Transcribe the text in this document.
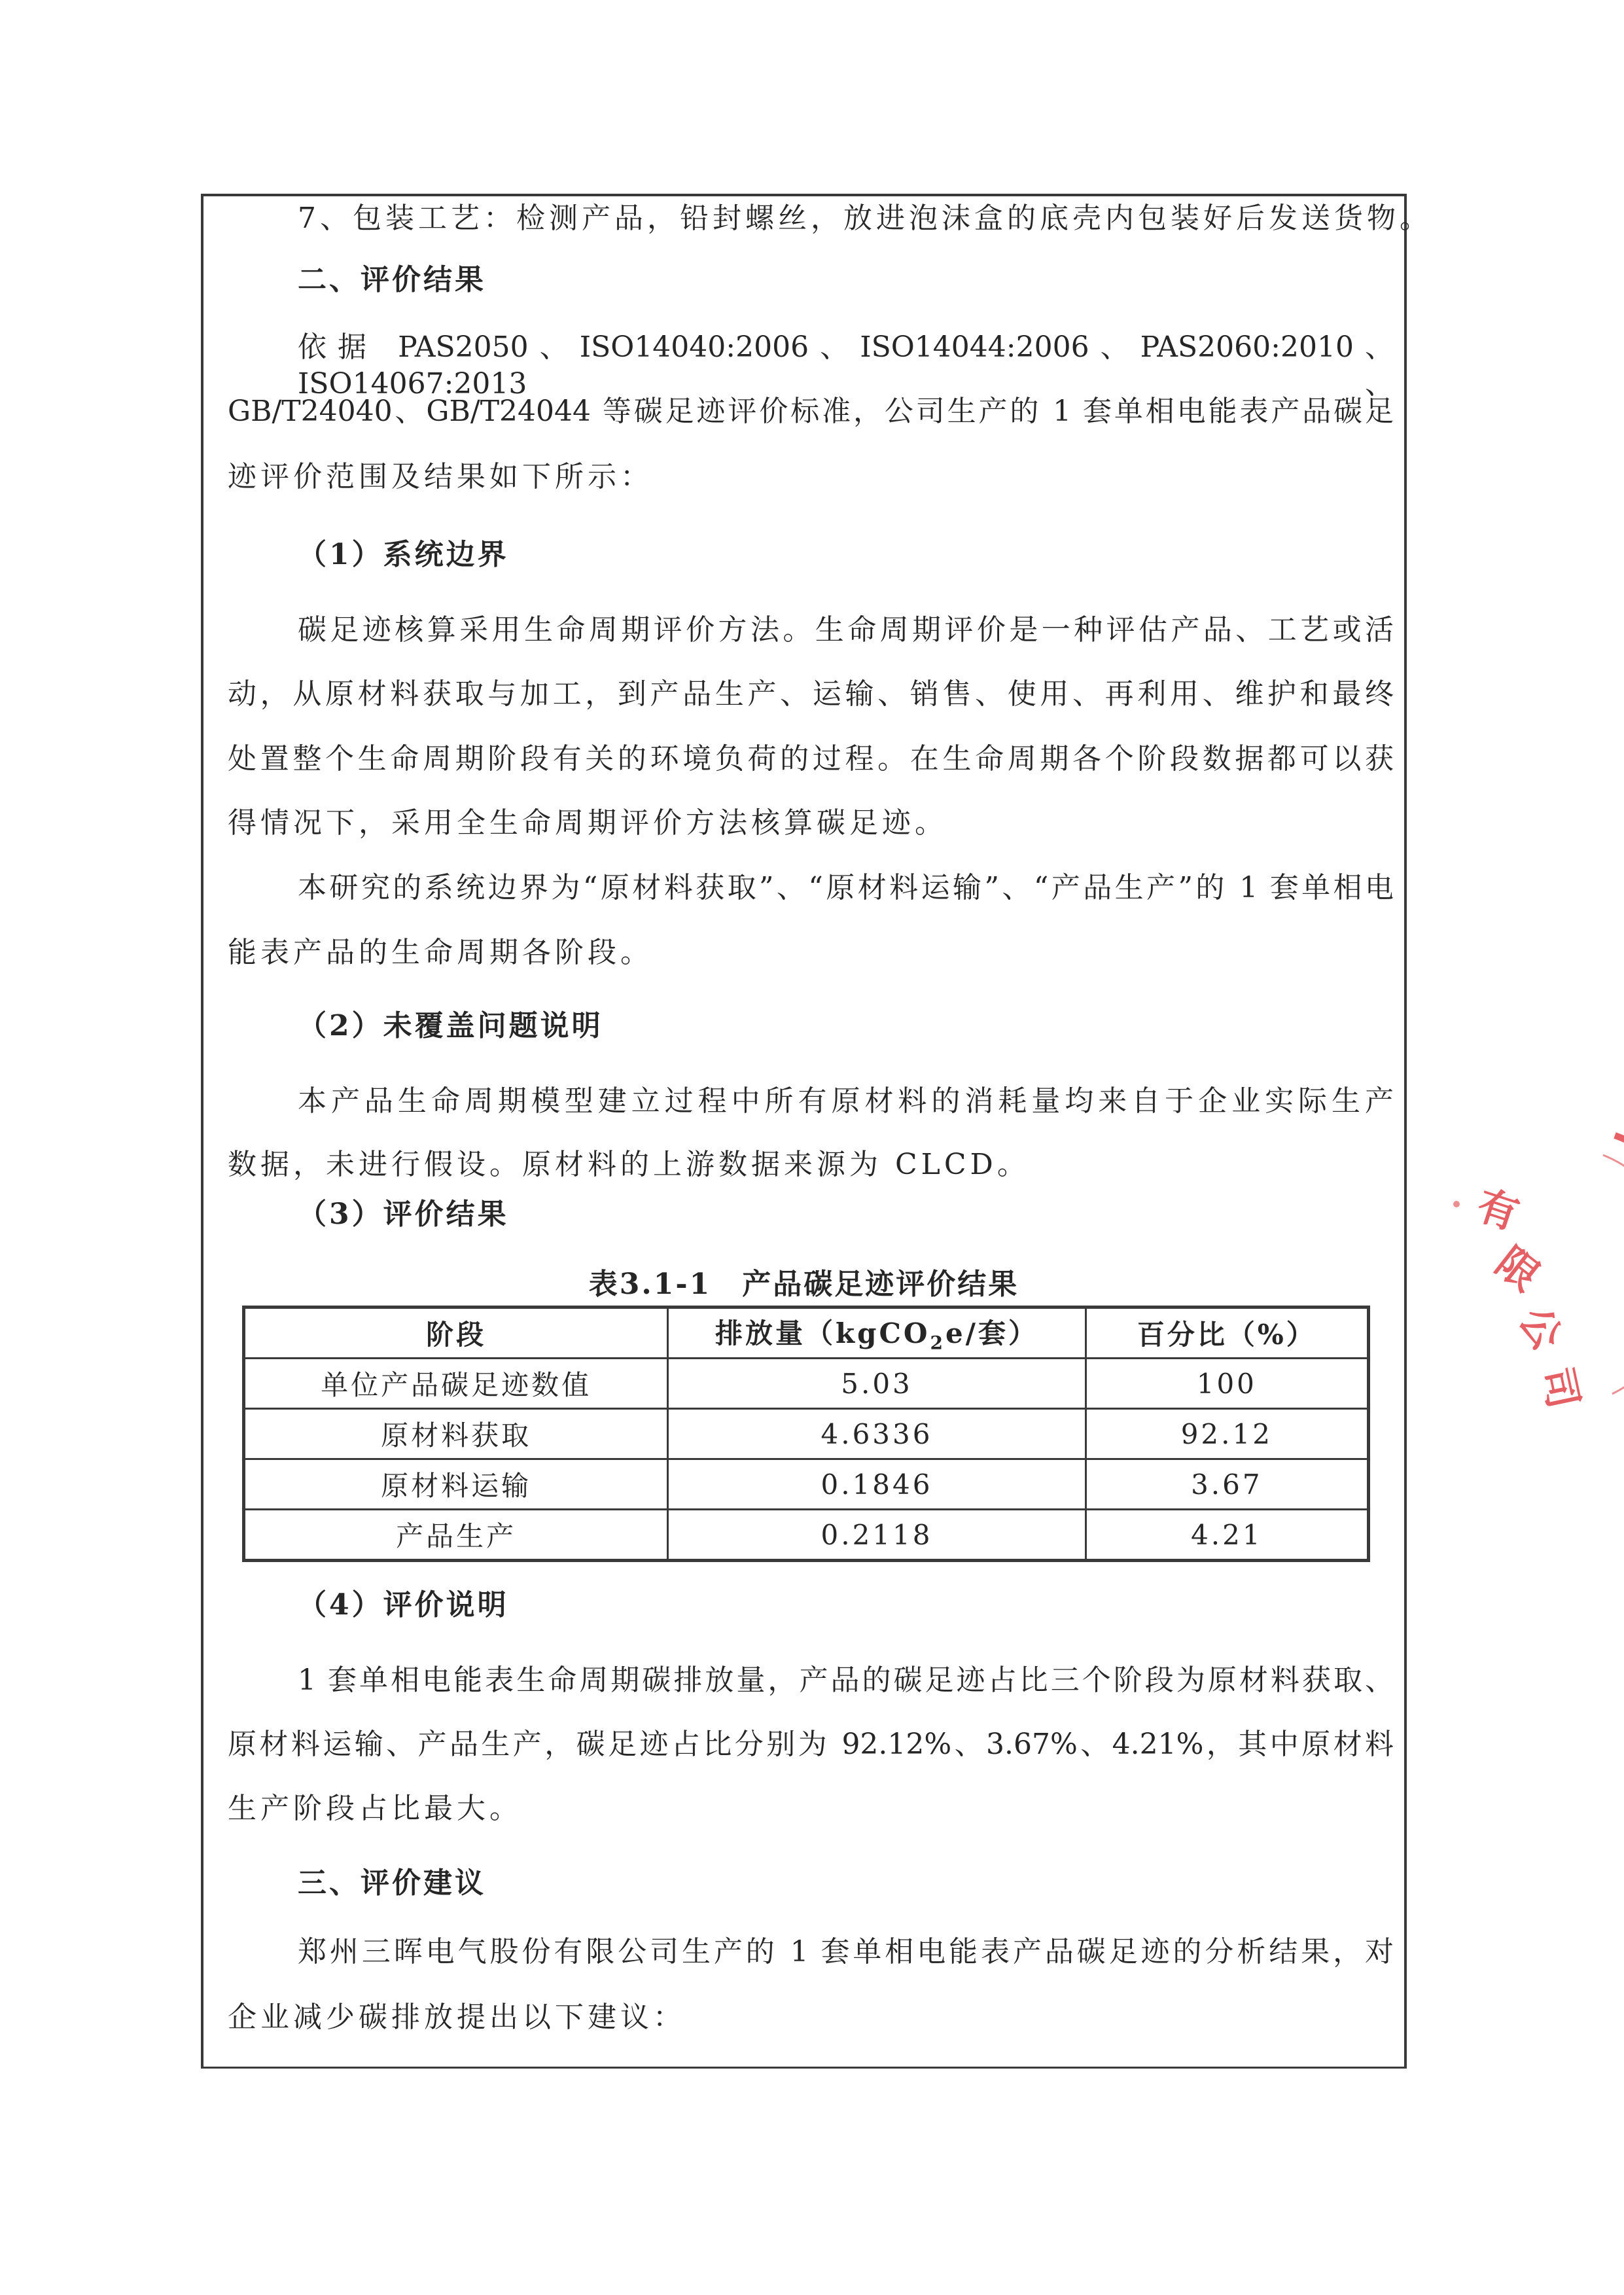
7、包装工艺：检测产品，铅封螺丝，放进泡沫盒的底壳内包装好后发送货物。
二、评价结果
依据 PAS2050、ISO14040:2006、ISO14044:2006、PAS2060:2010、ISO14067:2013、
GB/T24040、GB/T24044 等碳足迹评价标准，公司生产的 1 套单相电能表产品碳足
迹评价范围及结果如下所示：
（1）系统边界
碳足迹核算采用生命周期评价方法。生命周期评价是一种评估产品、工艺或活
动，从原材料获取与加工，到产品生产、运输、销售、使用、再利用、维护和最终
处置整个生命周期阶段有关的环境负荷的过程。在生命周期各个阶段数据都可以获
得情况下，采用全生命周期评价方法核算碳足迹。
本研究的系统边界为“原材料获取”、“原材料运输”、“产品生产”的 1 套单相电
能表产品的生命周期各阶段。
（2）未覆盖问题说明
本产品生命周期模型建立过程中所有原材料的消耗量均来自于企业实际生产
数据，未进行假设。原材料的上游数据来源为 CLCD。
（3）评价结果
表3.1-1　产品碳足迹评价结果
阶段	排放量（kgCO$_2$e/套）	百分比（%）
单位产品碳足迹数值	5.03	100
原材料获取	4.6336	92.12
原材料运输	0.1846	3.67
产品生产	0.2118	4.21
（4）评价说明
1 套单相电能表生命周期碳排放量，产品的碳足迹占比三个阶段为原材料获取、
原材料运输、产品生产，碳足迹占比分别为 92.12%、3.67%、4.21%，其中原材料
生产阶段占比最大。
三、评价建议
郑州三晖电气股份有限公司生产的 1 套单相电能表产品碳足迹的分析结果，对
企业减少碳排放提出以下建议：
有
限
公
司
